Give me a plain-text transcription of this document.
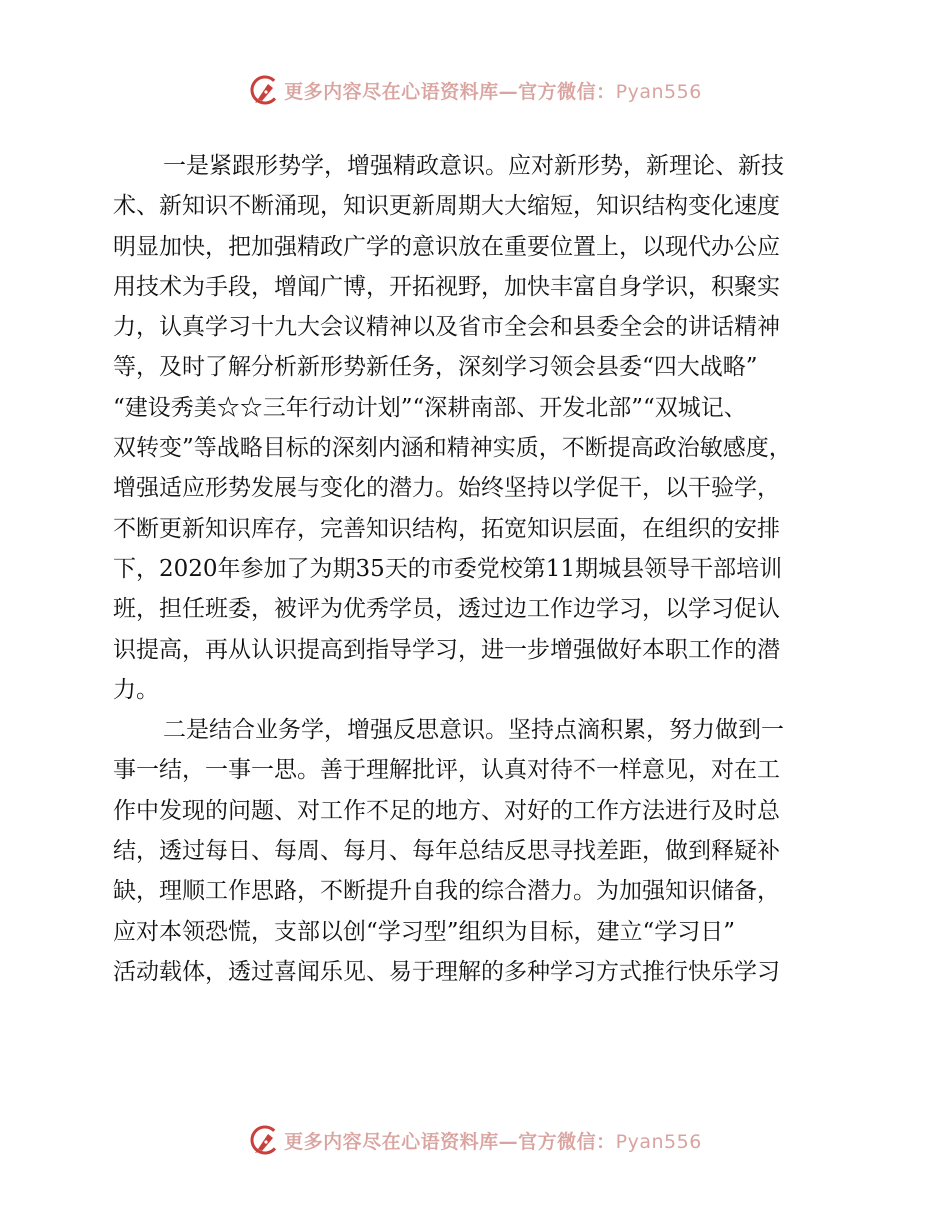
更多内容尽在心语资料库—官方微信：Pyan556

一是紧跟形势学，增强精政意识。应对新形势，新理论、新技

术、新知识不断涌现，知识更新周期大大缩短，知识结构变化速度

明显加快，把加强精政广学的意识放在重要位置上，以现代办公应

用技术为手段，增闻广博，开拓视野，加快丰富自身学识，积聚实

力，认真学习十九大会议精神以及省市全会和县委全会的讲话精神

等，及时了解分析新形势新任务，深刻学习领会县委“四大战略”

“建设秀美☆☆三年行动计划”“深耕南部、开发北部”“双城记、

双转变”等战略目标的深刻内涵和精神实质，不断提高政治敏感度，

增强适应形势发展与变化的潜力。始终坚持以学促干，以干验学，

不断更新知识库存，完善知识结构，拓宽知识层面，在组织的安排

下，2020年参加了为期35天的市委党校第11期城县领导干部培训

班，担任班委，被评为优秀学员，透过边工作边学习，以学习促认

识提高，再从认识提高到指导学习，进一步增强做好本职工作的潜

力。

二是结合业务学，增强反思意识。坚持点滴积累，努力做到一

事一结，一事一思。善于理解批评，认真对待不一样意见，对在工

作中发现的问题、对工作不足的地方、对好的工作方法进行及时总

结，透过每日、每周、每月、每年总结反思寻找差距，做到释疑补

缺，理顺工作思路，不断提升自我的综合潜力。为加强知识储备，

应对本领恐慌，支部以创“学习型”组织为目标，建立“学习日”

活动载体，透过喜闻乐见、易于理解的多种学习方式推行快乐学习

更多内容尽在心语资料库—官方微信：Pyan556
